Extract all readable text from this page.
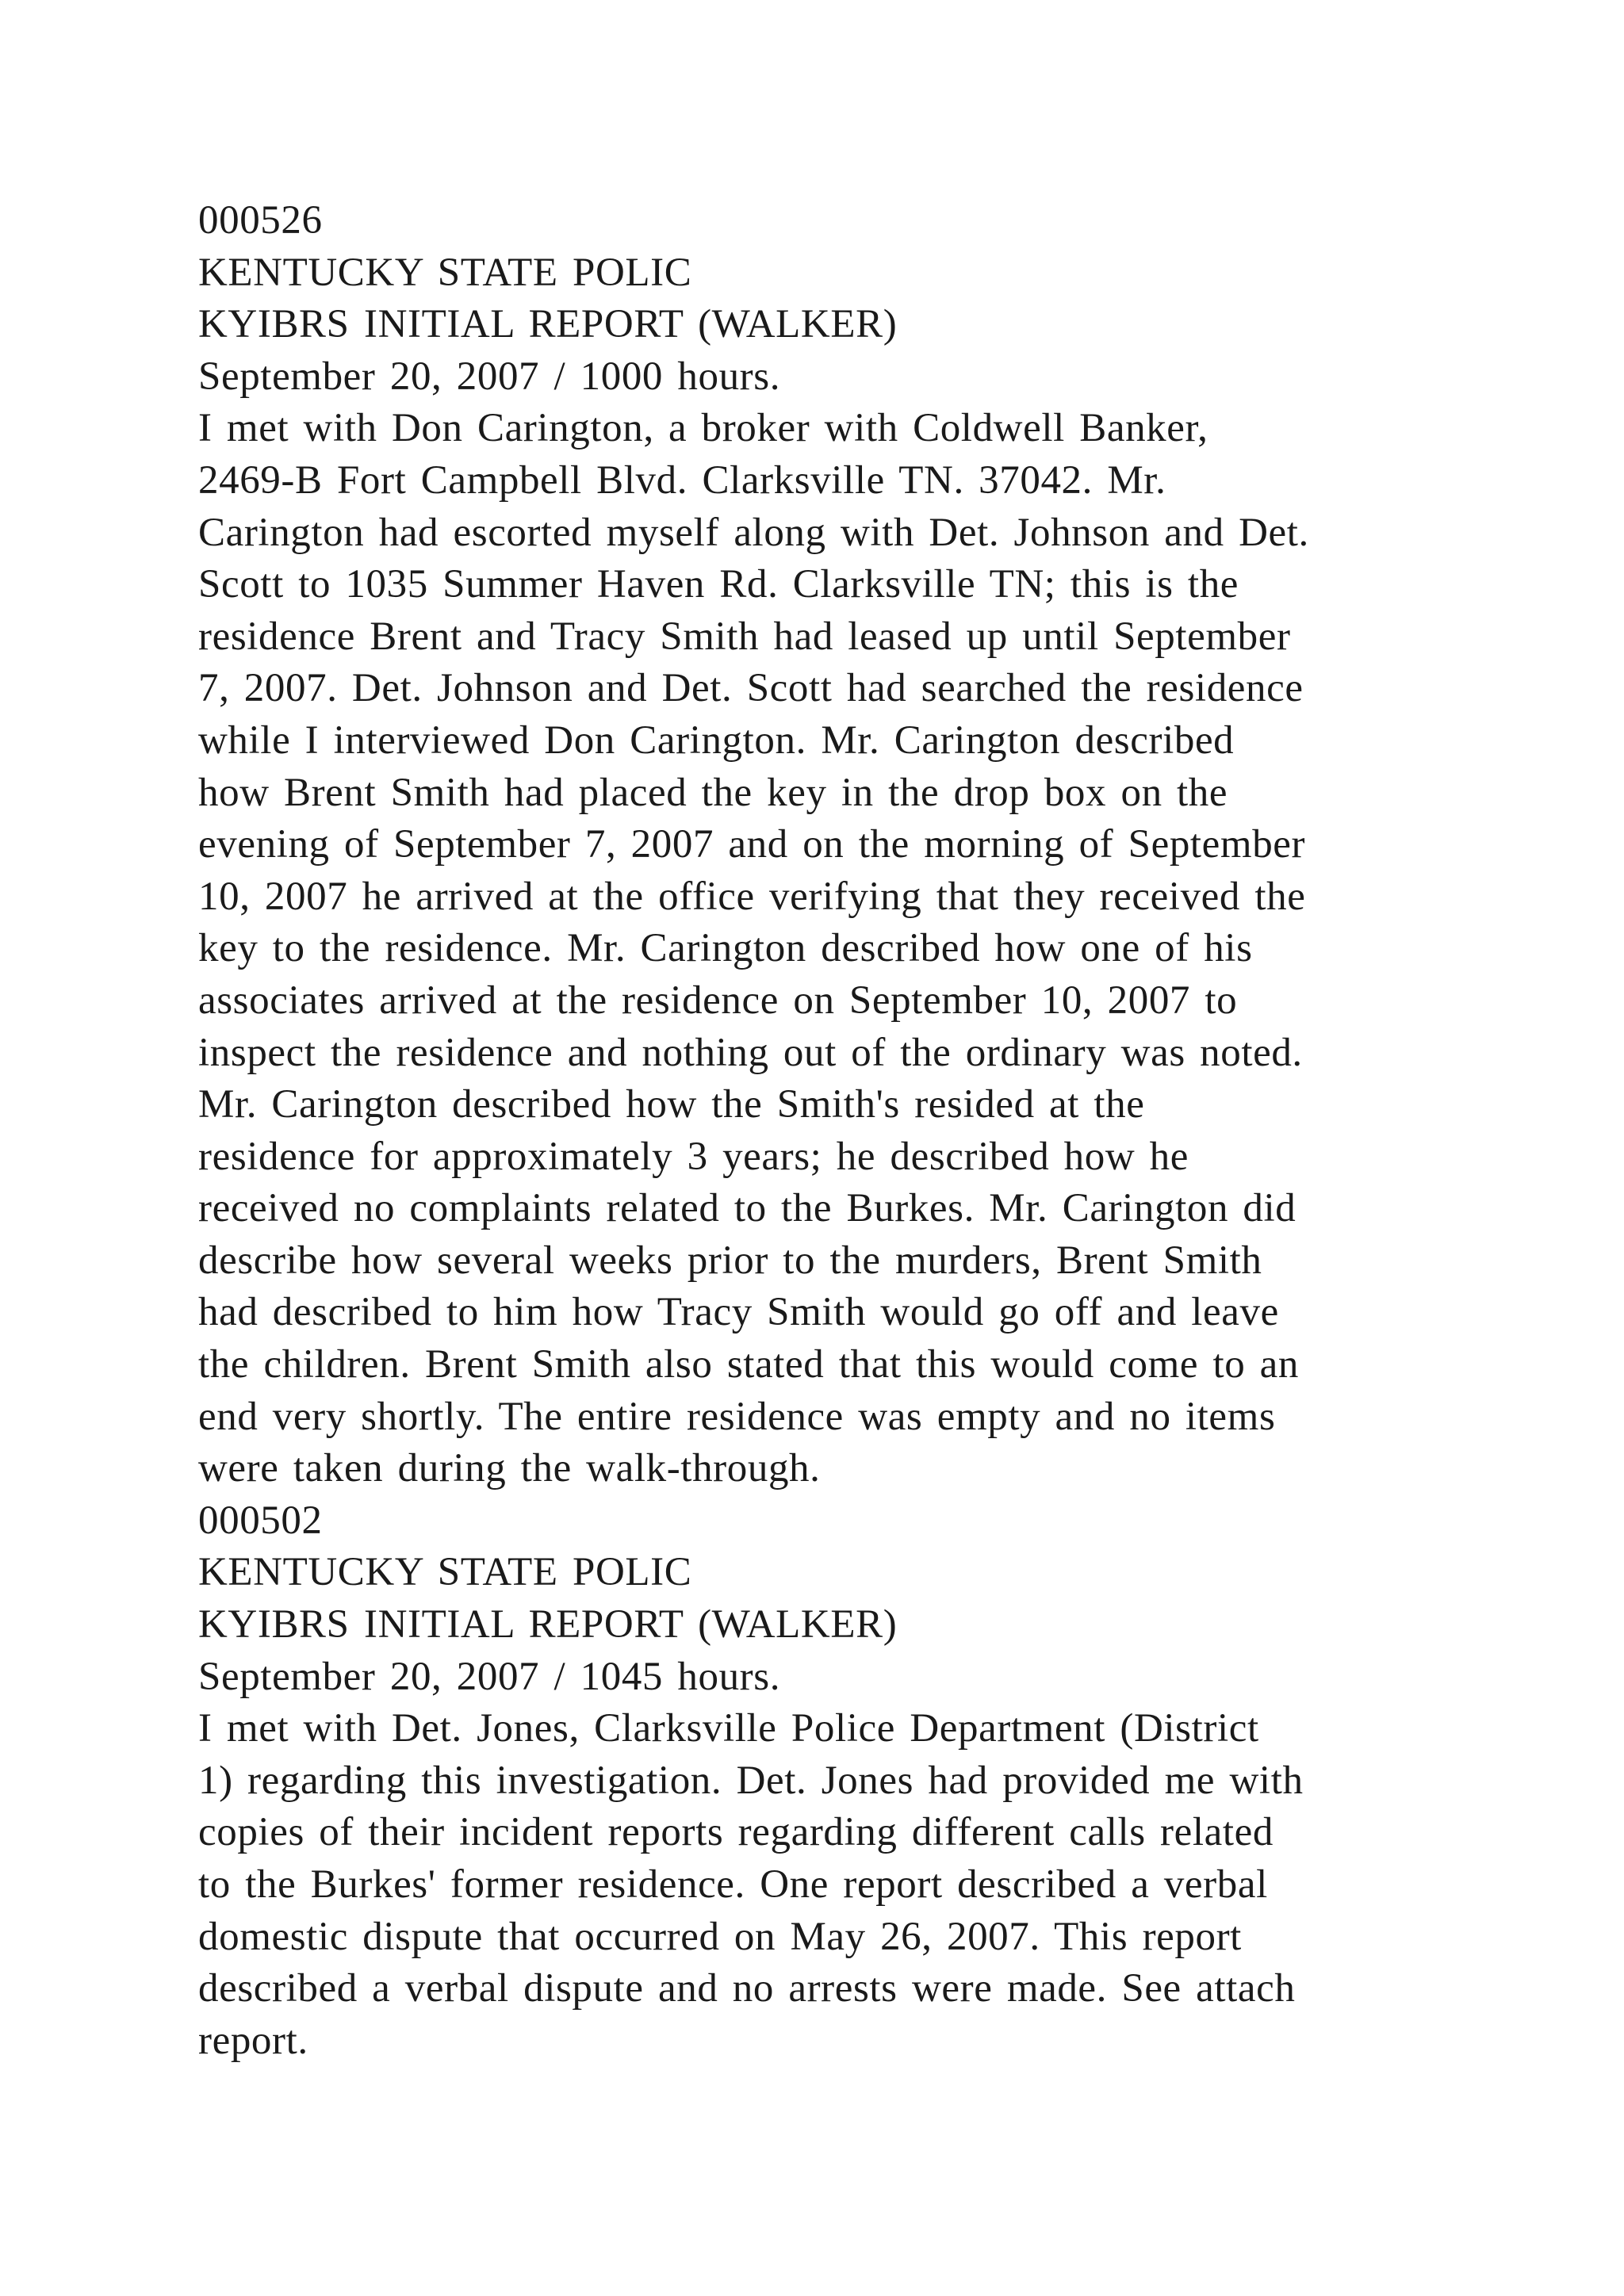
000526
KENTUCKY STATE POLIC
KYIBRS INITIAL REPORT (WALKER)
September 20, 2007 / 1000 hours.
I met with Don Carington, a broker with Coldwell Banker,
2469-B Fort Campbell Blvd. Clarksville TN. 37042. Mr.
Carington had escorted myself along with Det. Johnson and Det.
Scott to 1035 Summer Haven Rd. Clarksville TN; this is the
residence Brent and Tracy Smith had leased up until September
7, 2007. Det. Johnson and Det. Scott had searched the residence
while I interviewed Don Carington. Mr. Carington described
how Brent Smith had placed the key in the drop box on the
evening of September 7, 2007 and on the morning of September
10, 2007 he arrived at the office verifying that they received the
key to the residence. Mr. Carington described how one of his
associates arrived at the residence on September 10, 2007 to
inspect the residence and nothing out of the ordinary was noted.
Mr. Carington described how the Smith's resided at the
residence for approximately 3 years; he described how he
received no complaints related to the Burkes. Mr. Carington did
describe how several weeks prior to the murders, Brent Smith
had described to him how Tracy Smith would go off and leave
the children. Brent Smith also stated that this would come to an
end very shortly. The entire residence was empty and no items
were taken during the walk-through.
000502
KENTUCKY STATE POLIC
KYIBRS INITIAL REPORT (WALKER)
September 20, 2007 / 1045 hours.
I met with Det. Jones, Clarksville Police Department (District
1) regarding this investigation. Det. Jones had provided me with
copies of their incident reports regarding different calls related
to the Burkes' former residence. One report described a verbal
domestic dispute that occurred on May 26, 2007. This report
described a verbal dispute and no arrests were made. See attach
report.
